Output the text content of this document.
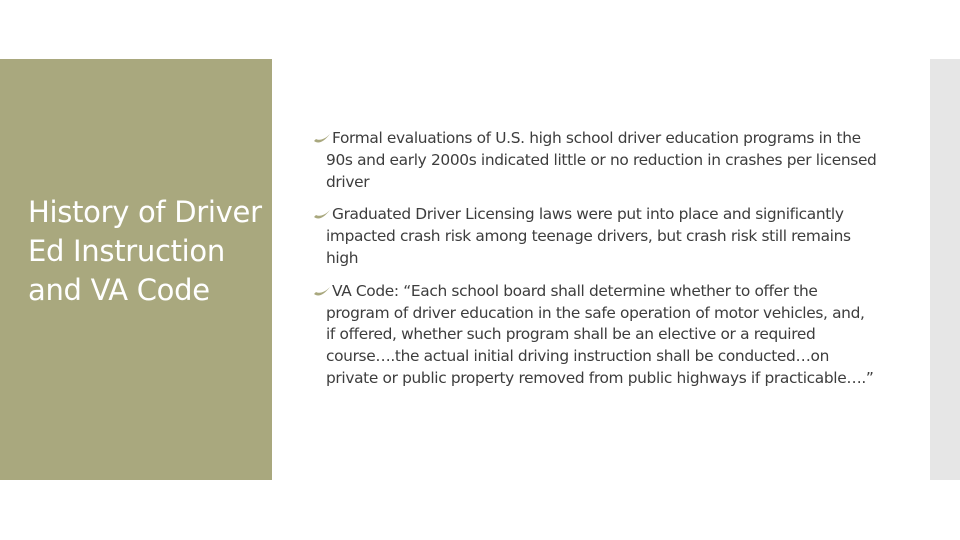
History of Driver Ed Instruction and VA Code
Formal evaluations of U.S. high school driver education programs in the 90s and early 2000s indicated little or no reduction in crashes per licensed driver
Graduated Driver Licensing laws were put into place and significantly impacted crash risk among teenage drivers, but crash risk still remains high
VA Code: “Each school board shall determine whether to offer the program of driver education in the safe operation of motor vehicles, and, if offered, whether such program shall be an elective or a required course….the actual initial driving instruction shall be conducted…on private or public property removed from public highways if practicable….”
